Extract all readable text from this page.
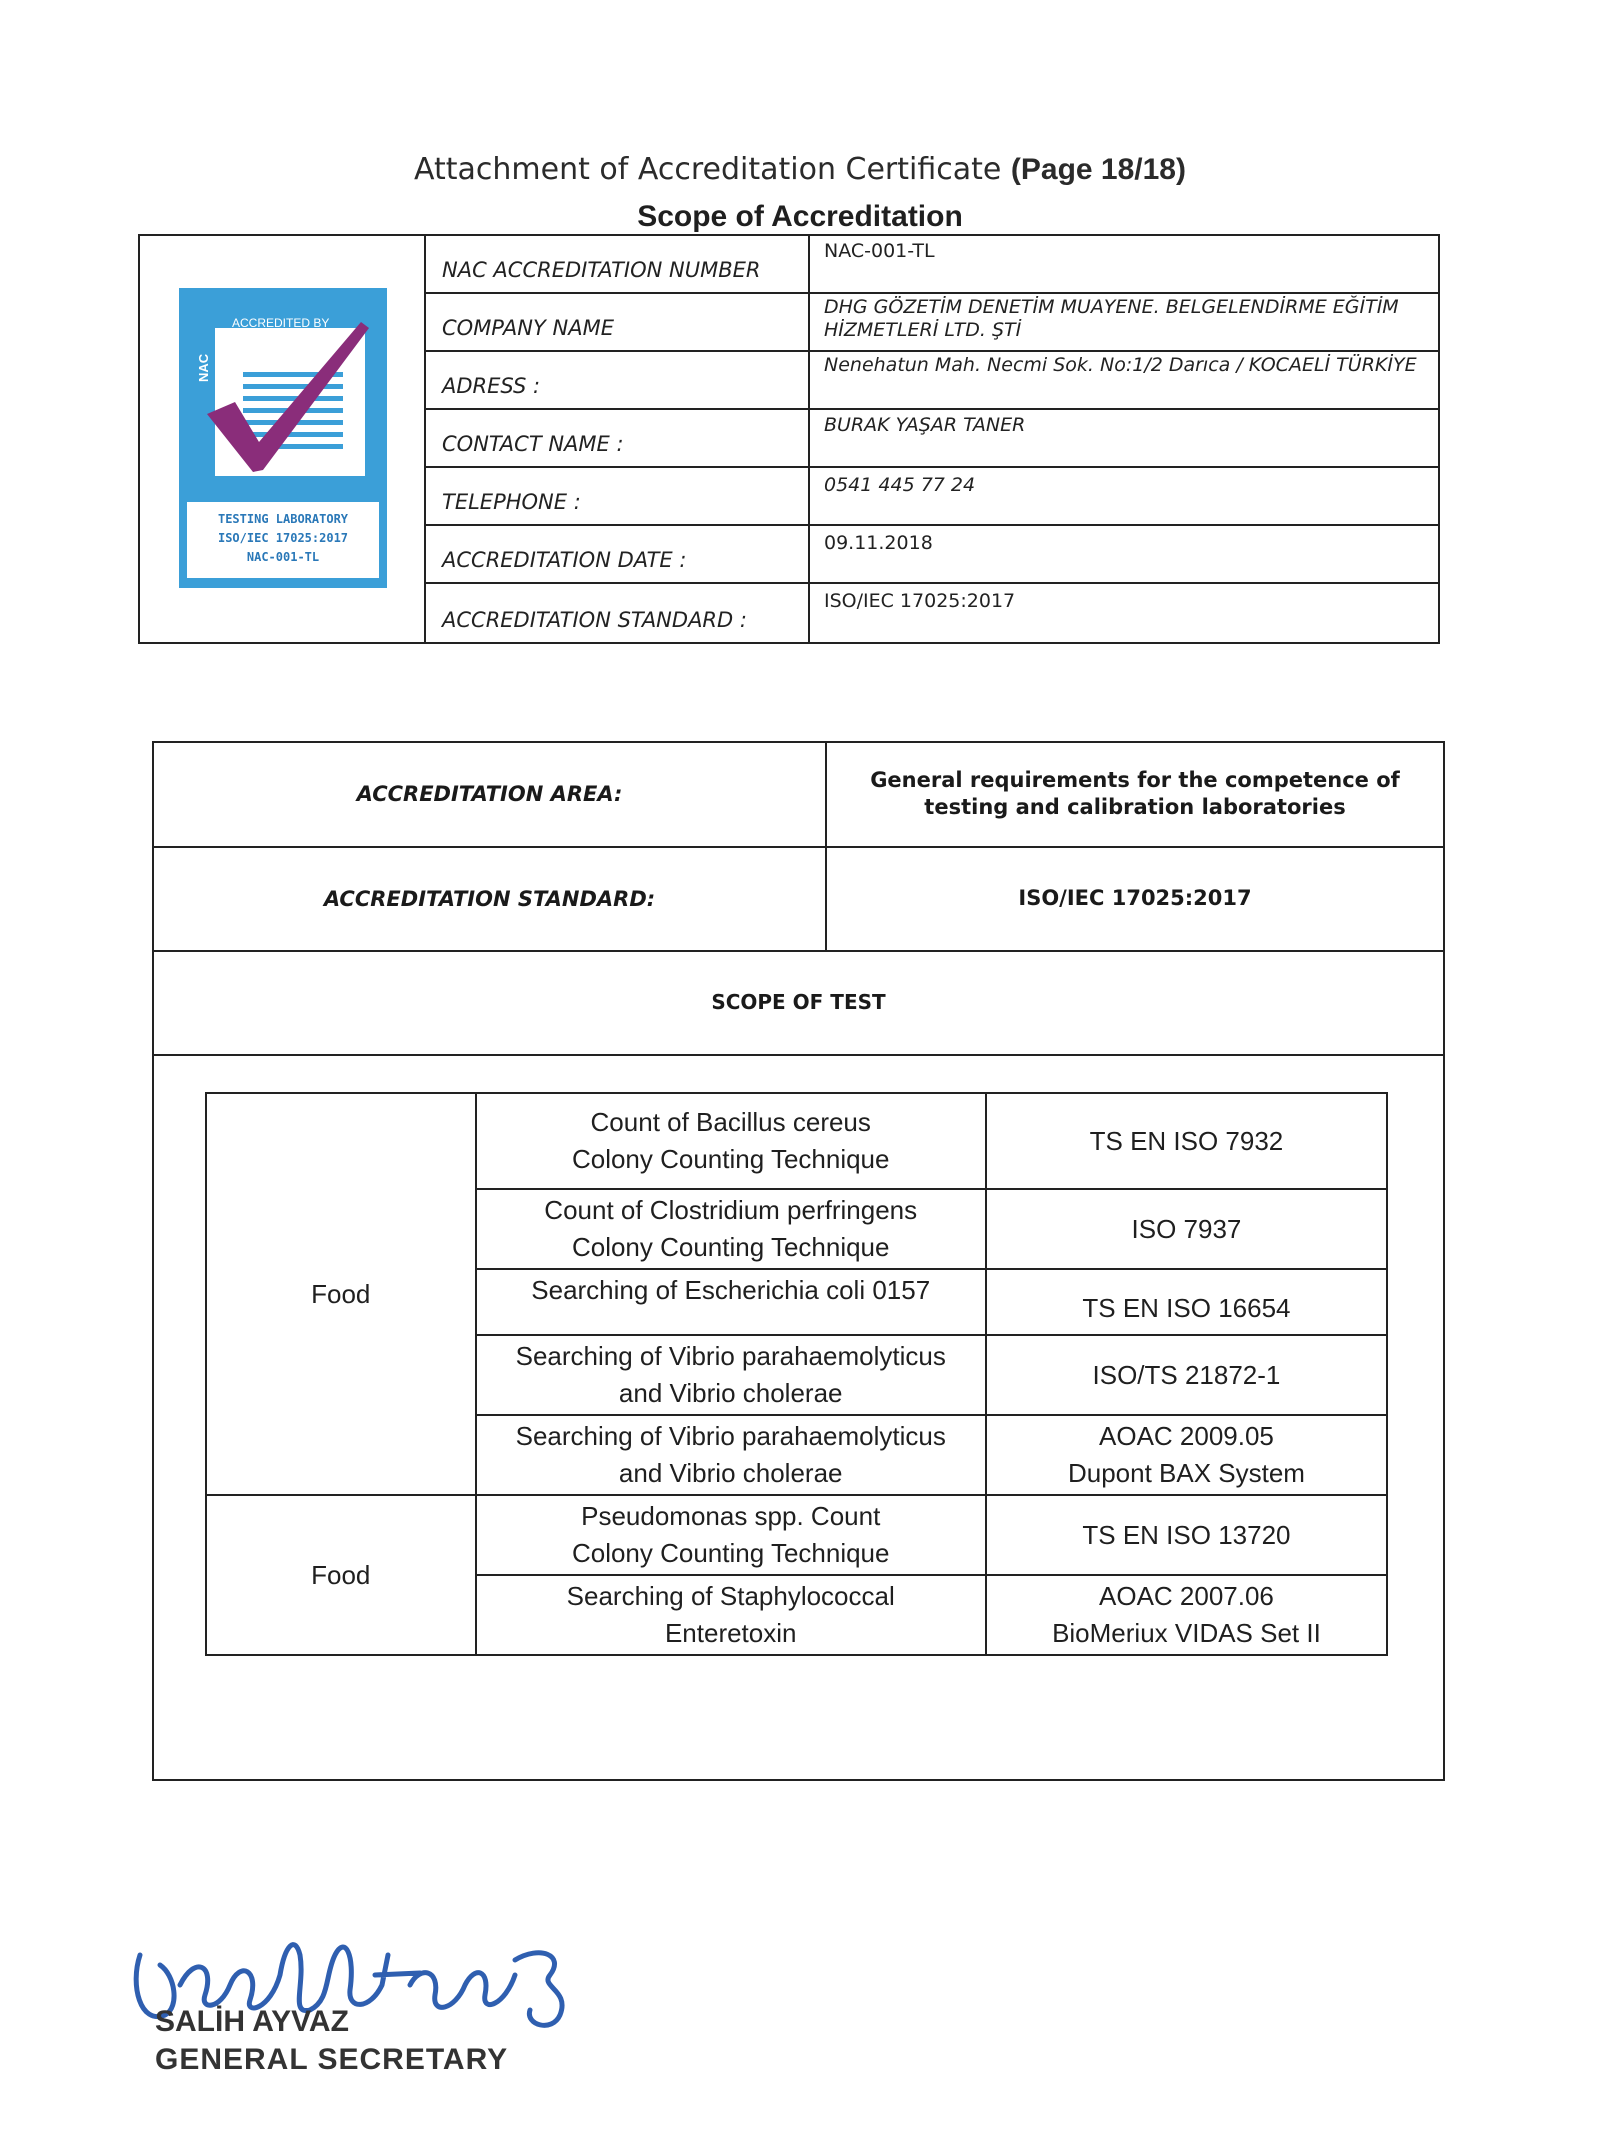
Attachment of Accreditation Certificate (Page 18/18)
Scope of Accreditation
ACCREDITED BY
NAC
TESTING LABORATORY
ISO/IEC 17025:2017
NAC-001-TL
NAC ACCREDITATION NUMBER
NAC-001-TL
COMPANY NAME
DHG GÖZETİM DENETİM MUAYENE. BELGELENDİRME EĞİTİM HİZMETLERİ LTD. ŞTİ
ADRESS :
Nenehatun Mah. Necmi Sok. No:1/2 Darıca / KOCAELİ TÜRKİYE
CONTACT NAME :
BURAK YAŞAR TANER
TELEPHONE :
0541 445 77 24
ACCREDITATION DATE :
09.11.2018
ACCREDITATION STANDARD :
ISO/IEC 17025:2017
ACCREDITATION AREA:
General requirements for the competence of testing and calibration laboratories
ACCREDITATION STANDARD:	ISO/IEC 17025:2017
SCOPE OF TEST
Food	Count of Bacillus cereus
Colony Counting Technique	TS EN ISO 7932
	Count of Clostridium perfringens
Colony Counting Technique	ISO 7937
	Searching of Escherichia coli 0157	TS EN ISO 16654
	Searching of Vibrio parahaemolyticus
and Vibrio cholerae	ISO/TS 21872-1
	Searching of Vibrio parahaemolyticus
and Vibrio cholerae	AOAC 2009.05
Dupont BAX System
Food	Pseudomonas spp. Count
Colony Counting Technique	TS EN ISO 13720
	Searching of Staphylococcal
Enteretoxin	AOAC 2007.06
BioMeriux VIDAS Set II
SALİH AYVAZ
GENERAL SECRETARY
